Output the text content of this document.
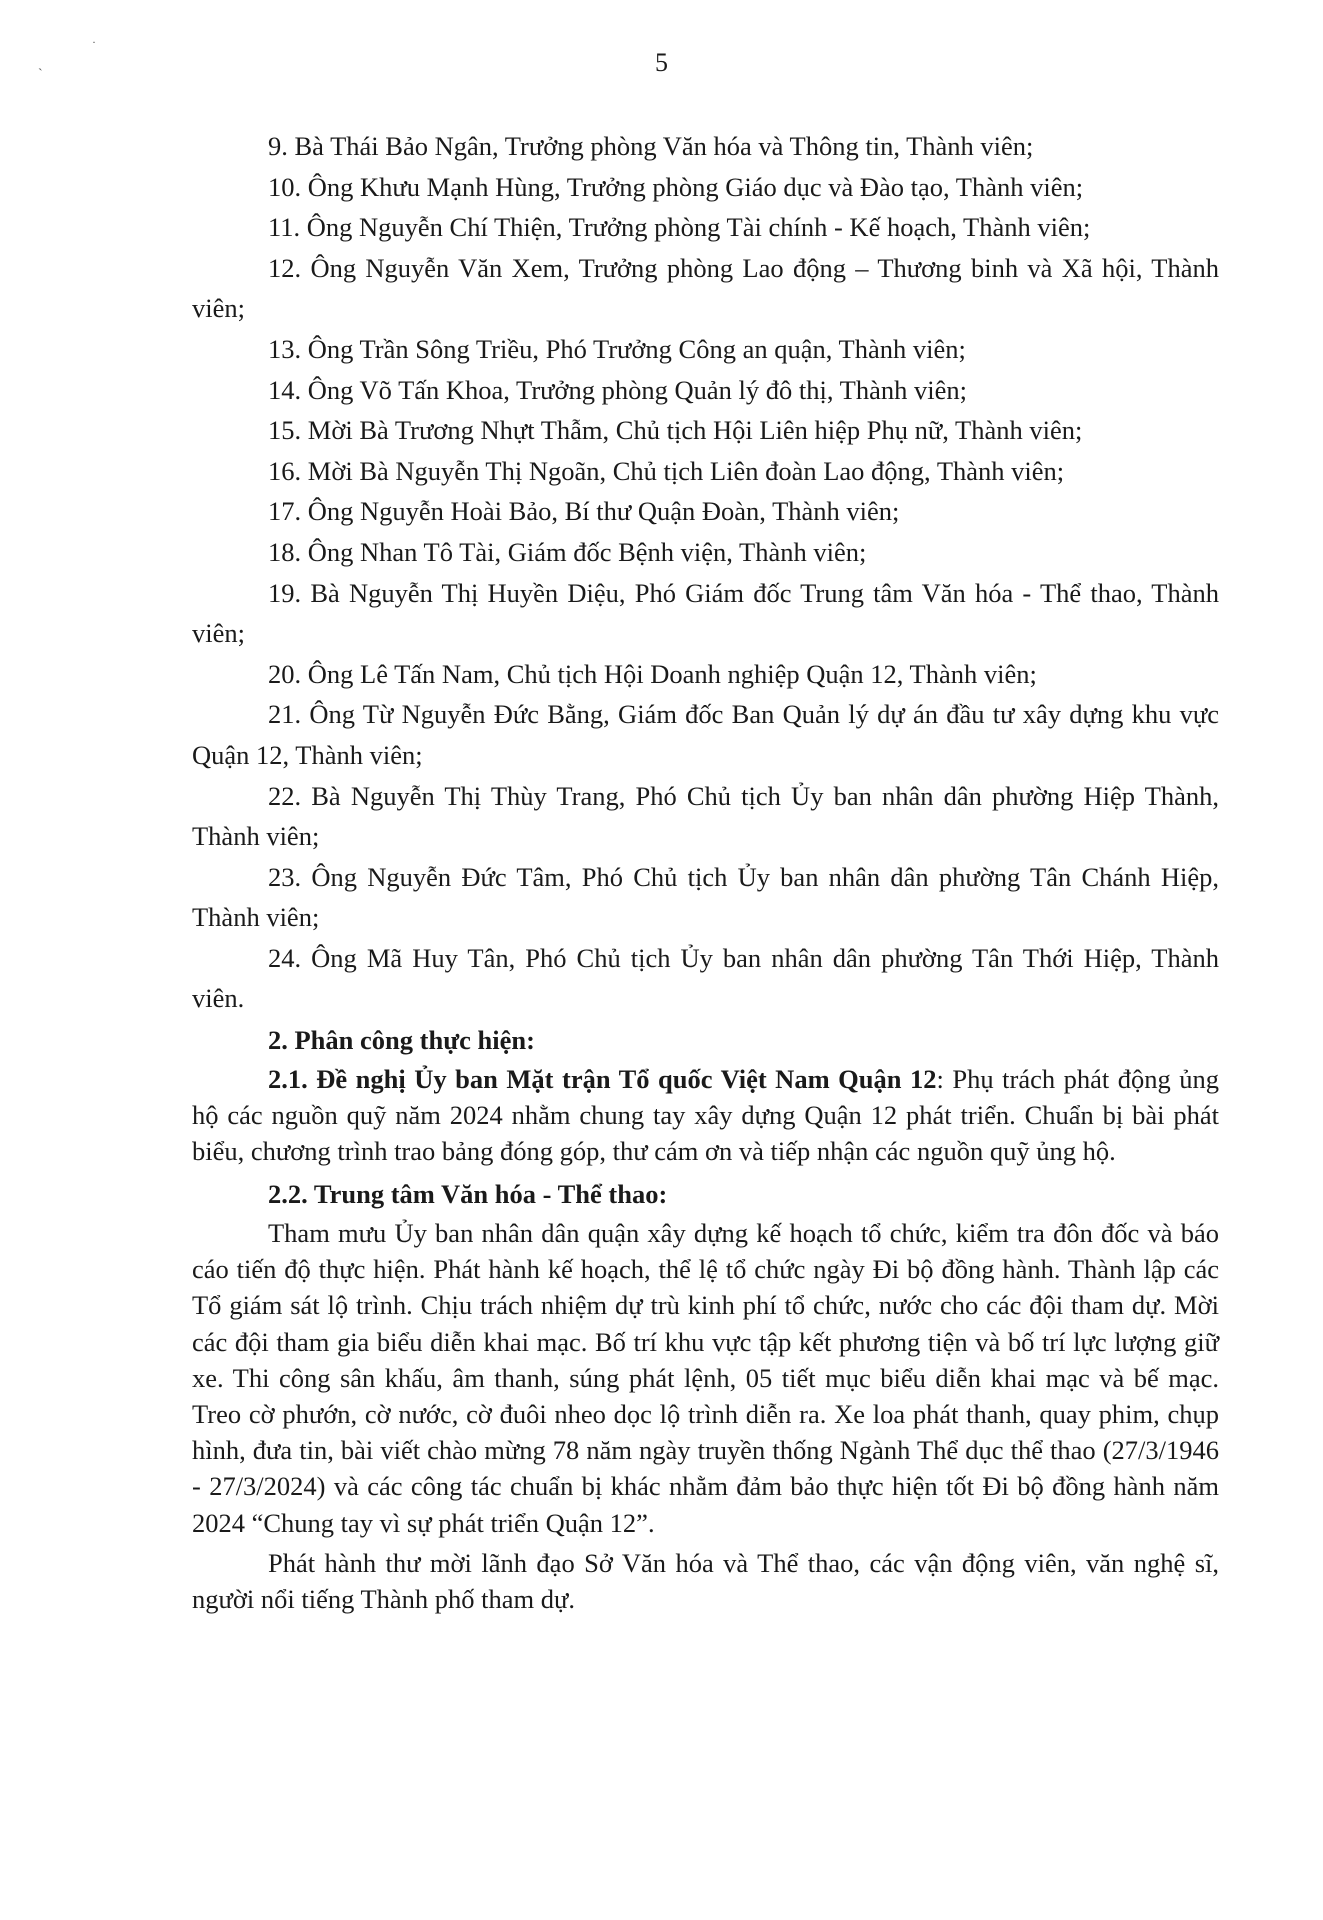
·
ˋ	5

9. Bà Thái Bảo Ngân, Trưởng phòng Văn hóa và Thông tin, Thành viên;

10. Ông Khưu Mạnh Hùng, Trưởng phòng Giáo dục và Đào tạo, Thành viên;

11. Ông Nguyễn Chí Thiện, Trưởng phòng Tài chính - Kế hoạch, Thành viên;

12. Ông Nguyễn Văn Xem, Trưởng phòng Lao động – Thương binh và Xã hội, Thành viên;

13. Ông Trần Sông Triều, Phó Trưởng Công an quận, Thành viên;

14. Ông Võ Tấn Khoa, Trưởng phòng Quản lý đô thị, Thành viên;

15. Mời Bà Trương Nhựt Thẫm, Chủ tịch Hội Liên hiệp Phụ nữ, Thành viên;

16. Mời Bà Nguyễn Thị Ngoãn, Chủ tịch Liên đoàn Lao động, Thành viên;

17. Ông Nguyễn Hoài Bảo, Bí thư Quận Đoàn, Thành viên;

18. Ông Nhan Tô Tài, Giám đốc Bệnh viện, Thành viên;

19. Bà Nguyễn Thị Huyền Diệu, Phó Giám đốc Trung tâm Văn hóa - Thể thao, Thành viên;

20. Ông Lê Tấn Nam, Chủ tịch Hội Doanh nghiệp Quận 12, Thành viên;

21. Ông Từ Nguyễn Đức Bằng, Giám đốc Ban Quản lý dự án đầu tư xây dựng khu vực Quận 12, Thành viên;

22. Bà Nguyễn Thị Thùy Trang, Phó Chủ tịch Ủy ban nhân dân phường Hiệp Thành, Thành viên;

23. Ông Nguyễn Đức Tâm, Phó Chủ tịch Ủy ban nhân dân phường Tân Chánh Hiệp, Thành viên;

24. Ông Mã Huy Tân, Phó Chủ tịch Ủy ban nhân dân phường Tân Thới Hiệp, Thành viên.

2. Phân công thực hiện:

2.1. Đề nghị Ủy ban Mặt trận Tổ quốc Việt Nam Quận 12: Phụ trách phát động ủng hộ các nguồn quỹ năm 2024 nhằm chung tay xây dựng Quận 12 phát triển. Chuẩn bị bài phát biểu, chương trình trao bảng đóng góp, thư cám ơn và tiếp nhận các nguồn quỹ ủng hộ.

2.2. Trung tâm Văn hóa - Thể thao:

Tham mưu Ủy ban nhân dân quận xây dựng kế hoạch tổ chức, kiểm tra đôn đốc và báo cáo tiến độ thực hiện. Phát hành kế hoạch, thể lệ tổ chức ngày Đi bộ đồng hành. Thành lập các Tổ giám sát lộ trình. Chịu trách nhiệm dự trù kinh phí tổ chức, nước cho các đội tham dự. Mời các đội tham gia biểu diễn khai mạc. Bố trí khu vực tập kết phương tiện và bố trí lực lượng giữ xe. Thi công sân khấu, âm thanh, súng phát lệnh, 05 tiết mục biểu diễn khai mạc và bế mạc. Treo cờ phướn, cờ nước, cờ đuôi nheo dọc lộ trình diễn ra. Xe loa phát thanh, quay phim, chụp hình, đưa tin, bài viết chào mừng 78 năm ngày truyền thống Ngành Thể dục thể thao (27/3/1946 - 27/3/2024) và các công tác chuẩn bị khác nhằm đảm bảo thực hiện tốt Đi bộ đồng hành năm 2024 “Chung tay vì sự phát triển Quận 12”.

Phát hành thư mời lãnh đạo Sở Văn hóa và Thể thao, các vận động viên, văn nghệ sĩ, người nổi tiếng Thành phố tham dự.
